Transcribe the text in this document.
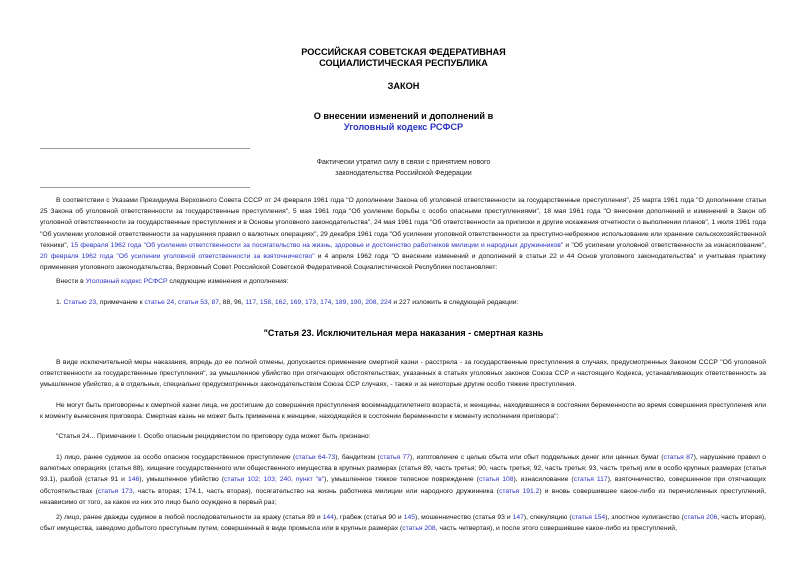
РОССИЙСКАЯ СОВЕТСКАЯ ФЕДЕРАТИВНАЯ
СОЦИАЛИСТИЧЕСКАЯ РЕСПУБЛИКА
ЗАКОН
О внесении изменений и дополнений в
Уголовный кодекс РСФСР
Фактически утратил силу в связи с принятием нового
законодательства Российской Федерации
В соответствии с Указами Президиума Верховного Совета СССР от 24 февраля 1961 года "О дополнении Закона об уголовной ответственности за государственные преступления", 25 марта 1961 года "О дополнении статьи 25 Закона об уголовной ответственности за государственные преступления", 5 мая 1961 года "Об усилении борьбы с особо опасными преступлениями", 18 мая 1961 года "О внесении дополнений и изменений в Закон об уголовной ответственности за государственные преступления и в Основы уголовного законодательства", 24 мая 1961 года "Об ответственности за приписки и другие искажения отчетности о выполнении планов", 1 июля 1961 года "Об усилении уголовной ответственности за нарушения правил о валютных операциях", 29 декабря 1961 года "Об усилении уголовной ответственности за преступно-небрежное использование или хранение сельскохозяйственной техники", 15 февраля 1962 года "Об усилении ответственности за посягательство на жизнь, здоровье и достоинство работников милиции и народных дружинников" и "Об усилении уголовной ответственности за изнасилование", 20 февраля 1962 года "Об усилении уголовной ответственности за взяточничество" и 4 апреля 1962 года "О внесении изменений и дополнений в статьи 22 и 44 Основ уголовного законодательства" и учитывая практику применения уголовного законодательства, Верховный Совет Российской Советской Федеративной Социалистической Республики постановляет:
Внести в Уголовный кодекс РСФСР следующие изменения и дополнения:
1. Статью 23, примечание к статье 24, статьи 53, 87, 88, 96, 117, 158, 162, 169, 173, 174, 189, 190, 208, 224 и 227 изложить в следующей редакции:
"Статья 23. Исключительная мера наказания - смертная казнь
В виде исключительной меры наказания, впредь до ее полной отмены, допускается применение смертной казни - расстрела - за государственные преступления в случаях, предусмотренных Законом СССР "Об уголовной ответственности за государственные преступления", за умышленное убийство при отягчающих обстоятельствах, указанных в статьях уголовных законов Союза ССР и настоящего Кодекса, устанавливающих ответственность за умышленное убийство, а в отдельных, специально предусмотренных законодательством Союза ССР случаях, - также и за некоторые другие особо тяжкие преступления.
Не могут быть приговорены к смертной казни лица, не достигшие до совершения преступления восемнадцатилетнего возраста, и женщины, находившиеся в состоянии беременности во время совершения преступления или к моменту вынесения приговора. Смертная казнь не может быть применена к женщине, находящейся в состоянии беременности к моменту исполнения приговора";
"Статья 24... Примечание I. Особо опасным рецидивистом по приговору суда может быть признано:
1) лицо, ранее судимое за особо опасное государственное преступление (статьи 64-73), бандитизм (статья 77), изготовление с целью сбыта или сбыт поддельных денег или ценных бумаг (статья 87), нарушение правил о валютных операциях (статья 88), хищение государственного или общественного имущества в крупных размерах (статья 89, часть третья; 90, часть третья; 92, часть третья; 93, часть третья) или в особо крупных размерах (статья 93.1), разбой (статья 91 и 146), умышленное убийство (статьи 102; 103; 240, пункт "в"), умышленное тяжкое телесное повреждение (статья 108), изнасилование (статья 117), взяточничество, совершенное при отягчающих обстоятельствах (статья 173, часть вторая; 174.1, часть вторая), посягательство на жизнь работника милиции или народного дружинника (статья 191.2) и вновь совершившее какое-либо из перечисленных преступлений, независимо от того, за какое из них это лицо было осуждено в первый раз;
2) лицо, ранее дважды судимое в любой последовательности за кражу (статья 89 и 144), грабеж (статья 90 и 145), мошенничество (статья 93 и 147), спекуляцию (статья 154), злостное хулиганство (статья 206, часть вторая), сбыт имущества, заведомо добытого преступным путем, совершенный в виде промысла или в крупных размерах (статья 208, часть четвертая), и после этого совершившее какое-либо из преступлений,
